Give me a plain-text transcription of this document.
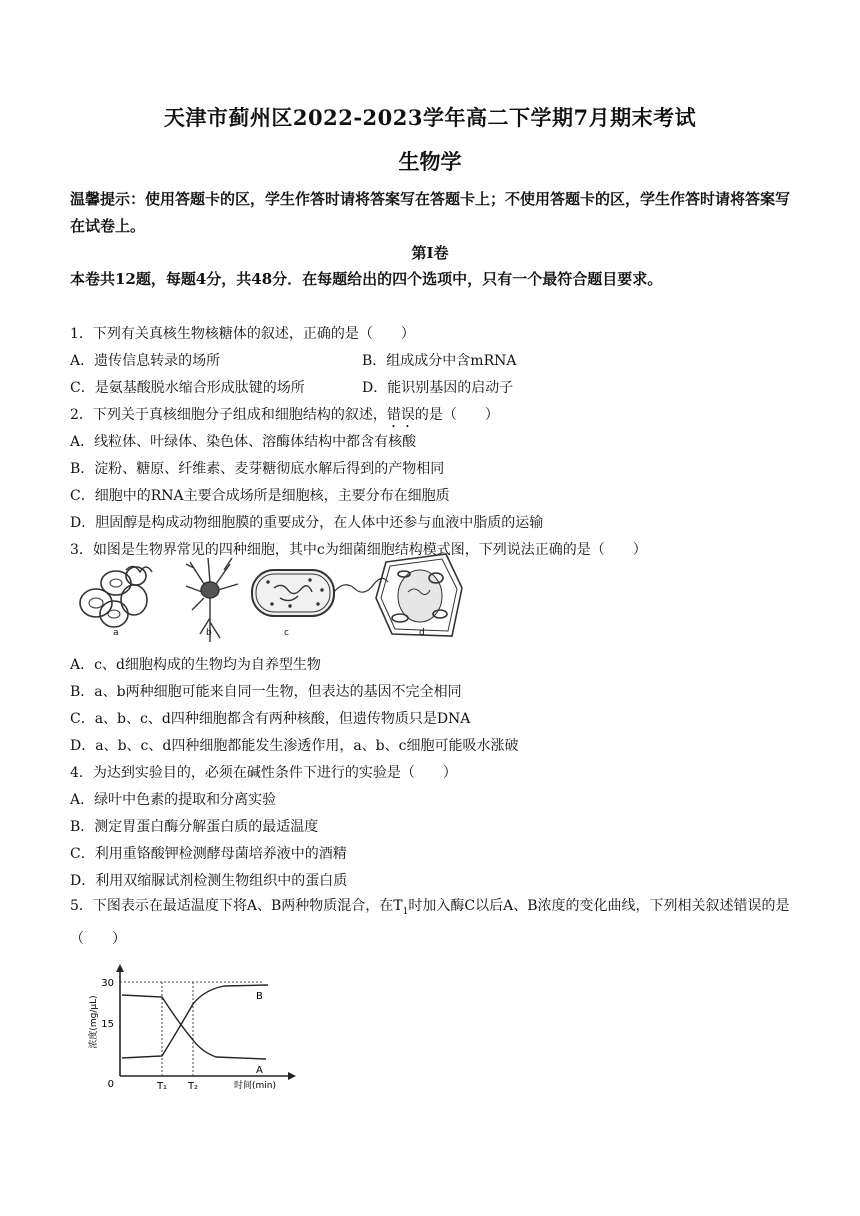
天津市蓟州区2022-2023学年高二下学期7月期末考试
生物学
温馨提示：使用答题卡的区，学生作答时请将答案写在答题卡上；不使用答题卡的区，学生作答时请将答案写在试卷上。
第Ⅰ卷
本卷共12题，每题4分，共48分．在每题给出的四个选项中，只有一个最符合题目要求。
1．下列有关真核生物核糖体的叙述，正确的是（　　）
A．遗传信息转录的场所	B．组成成分中含mRNA
C．是氨基酸脱水缩合形成肽键的场所	D．能识别基因的启动子
2．下列关于真核细胞分子组成和细胞结构的叙述，错误的是（　　）
A．线粒体、叶绿体、染色体、溶酶体结构中都含有核酸
B．淀粉、糖原、纤维素、麦芽糖彻底水解后得到的产物相同
C．细胞中的RNA主要合成场所是细胞核，主要分布在细胞质
D．胆固醇是构成动物细胞膜的重要成分，在人体中还参与血液中脂质的运输
3．如图是生物界常见的四种细胞，其中c为细菌细胞结构模式图，下列说法正确的是（　　）
a	b	c	d
A．c、d细胞构成的生物均为自养型生物
B．a、b两种细胞可能来自同一生物，但表达的基因不完全相同
C．a、b、c、d四种细胞都含有两种核酸，但遗传物质只是DNA
D．a、b、c、d四种细胞都能发生渗透作用，a、b、c细胞可能吸水涨破
4．为达到实验目的，必须在碱性条件下进行的实验是（　　）
A．绿叶中色素的提取和分离实验
B．测定胃蛋白酶分解蛋白质的最适温度
C．利用重铬酸钾检测酵母菌培养液中的酒精
D．利用双缩脲试剂检测生物组织中的蛋白质
5．下图表示在最适温度下将A、B两种物质混合，在$T_1$时加入酶C以后A、B浓度的变化曲线，下列相关叙述错误的是（　　）
30
15
0	T₁ T₂	时间(min)
浓度(mg/μL)	B
A
